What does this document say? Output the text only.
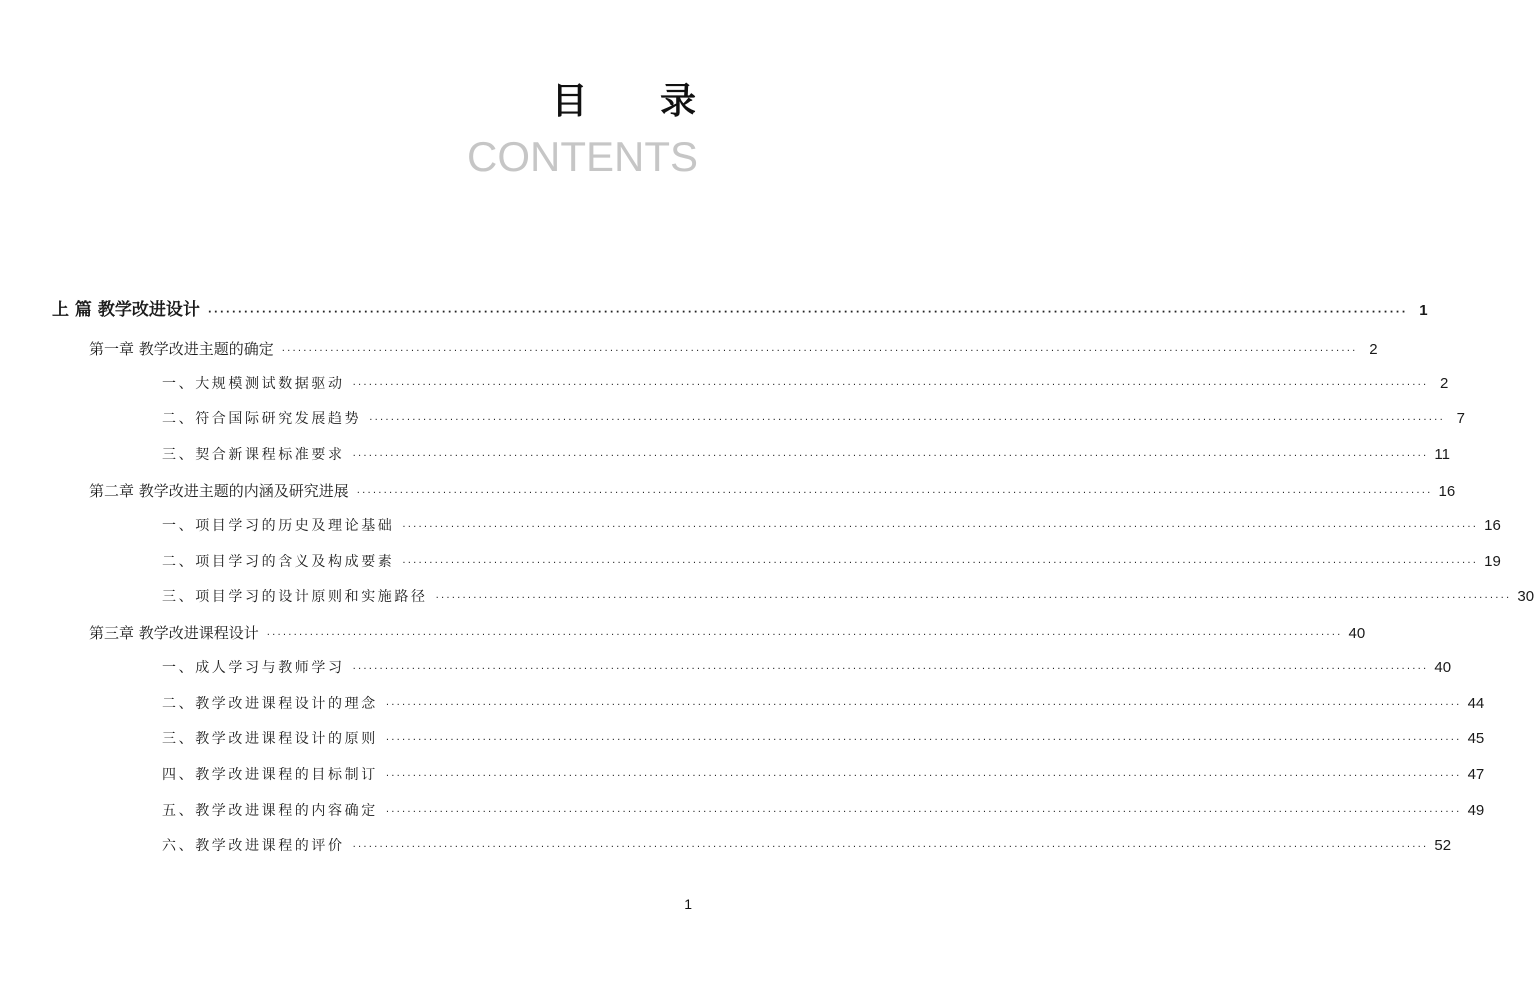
目 录
CONTENTS
上 篇 教学改进设计 ········································································································································································································ 1
第一章 教学改进主题的确定 ········································································································································································································ 2
一、大规模测试数据驱动 ········································································································································································································ 2
二、符合国际研究发展趋势 ········································································································································································································ 7
三、契合新课程标准要求 ········································································································································································································ 11
第二章 教学改进主题的内涵及研究进展 ········································································································································································································ 16
一、项目学习的历史及理论基础 ········································································································································································································ 16
二、项目学习的含义及构成要素 ········································································································································································································ 19
三、项目学习的设计原则和实施路径 ········································································································································································································ 30
第三章 教学改进课程设计 ········································································································································································································ 40
一、成人学习与教师学习 ········································································································································································································ 40
二、教学改进课程设计的理念 ········································································································································································································ 44
三、教学改进课程设计的原则 ········································································································································································································ 45
四、教学改进课程的目标制订 ········································································································································································································ 47
五、教学改进课程的内容确定 ········································································································································································································ 49
六、教学改进课程的评价 ········································································································································································································ 52
1
